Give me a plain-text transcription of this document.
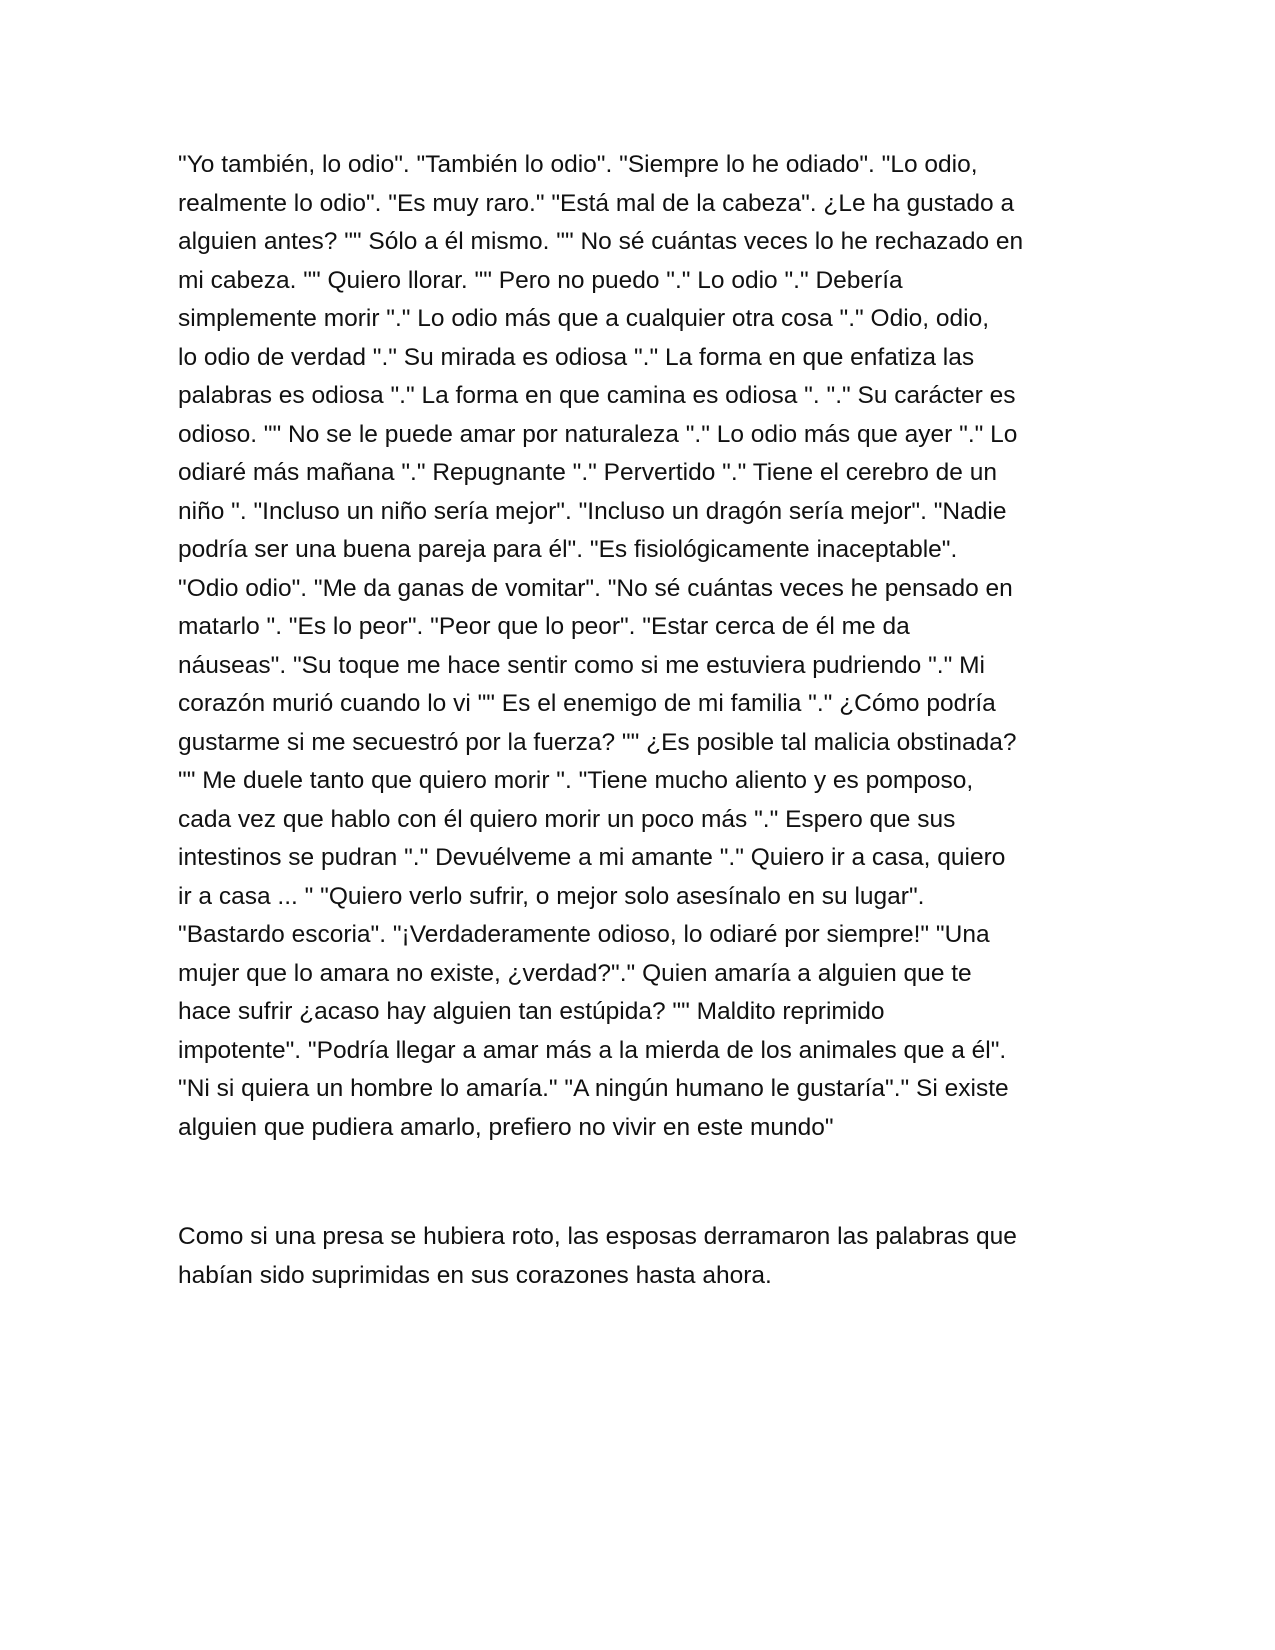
"Yo también, lo odio". "También lo odio". "Siempre lo he odiado". "Lo odio,
realmente lo odio". "Es muy raro." "Está mal de la cabeza". ¿Le ha gustado a
alguien antes? "" Sólo a él mismo. "" No sé cuántas veces lo he rechazado en
mi cabeza. "" Quiero llorar. "" Pero no puedo "." Lo odio "." Debería
simplemente morir "." Lo odio más que a cualquier otra cosa "." Odio, odio,
lo odio de verdad "." Su mirada es odiosa "." La forma en que enfatiza las
palabras es odiosa "." La forma en que camina es odiosa ". "." Su carácter es
odioso. "" No se le puede amar por naturaleza "." Lo odio más que ayer "." Lo
odiaré más mañana "." Repugnante "." Pervertido "." Tiene el cerebro de un
niño ". "Incluso un niño sería mejor". "Incluso un dragón sería mejor". "Nadie
podría ser una buena pareja para él". "Es fisiológicamente inaceptable".
"Odio odio". "Me da ganas de vomitar". "No sé cuántas veces he pensado en
matarlo ". "Es lo peor". "Peor que lo peor". "Estar cerca de él me da
náuseas". "Su toque me hace sentir como si me estuviera pudriendo "." Mi
corazón murió cuando lo vi "" Es el enemigo de mi familia "." ¿Cómo podría
gustarme si me secuestró por la fuerza? "" ¿Es posible tal malicia obstinada?
"" Me duele tanto que quiero morir ". "Tiene mucho aliento y es pomposo,
cada vez que hablo con él quiero morir un poco más "." Espero que sus
intestinos se pudran "." Devuélveme a mi amante "." Quiero ir a casa, quiero
ir a casa ... " "Quiero verlo sufrir, o mejor solo asesínalo en su lugar".
"Bastardo escoria". "¡Verdaderamente odioso, lo odiaré por siempre!" "Una
mujer que lo amara no existe, ¿verdad?"." Quien amaría a alguien que te
hace sufrir ¿acaso hay alguien tan estúpida? "" Maldito reprimido
impotente". "Podría llegar a amar más a la mierda de los animales que a él".
"Ni si quiera un hombre lo amaría." "A ningún humano le gustaría"." Si existe
alguien que pudiera amarlo, prefiero no vivir en este mundo"
Como si una presa se hubiera roto, las esposas derramaron las palabras que
habían sido suprimidas en sus corazones hasta ahora.
